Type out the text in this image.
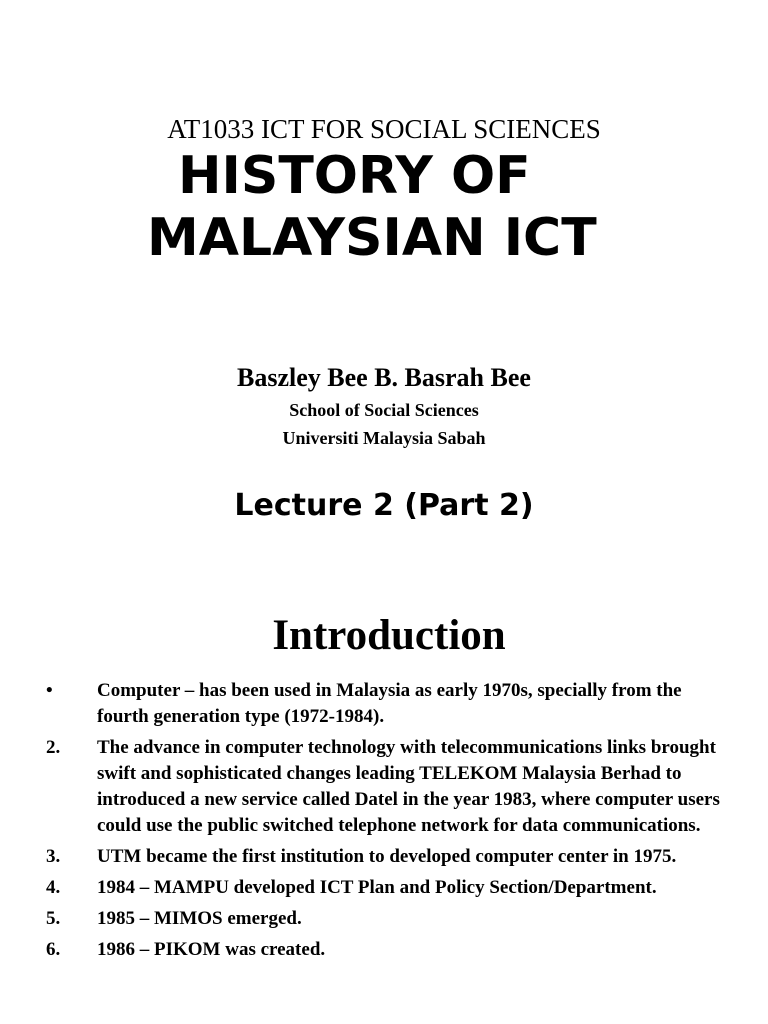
AT1033 ICT FOR SOCIAL SCIENCES
HISTORY OF
MALAYSIAN ICT
Baszley Bee B. Basrah Bee
School of Social Sciences
Universiti Malaysia Sabah
Lecture 2 (Part 2)
Introduction
•	Computer – has been used in Malaysia as early 1970s, specially from the fourth generation type (1972-1984).
2.	The advance in computer technology with telecommunications links brought swift and sophisticated changes leading TELEKOM Malaysia Berhad to introduced a new service called Datel in the year 1983, where computer users could use the public switched telephone network for data communications.
3.	UTM became the first institution to developed computer center in 1975.
4.	1984 – MAMPU developed ICT Plan and Policy Section/Department.
5.	1985 – MIMOS emerged.
6.	1986 – PIKOM was created.
